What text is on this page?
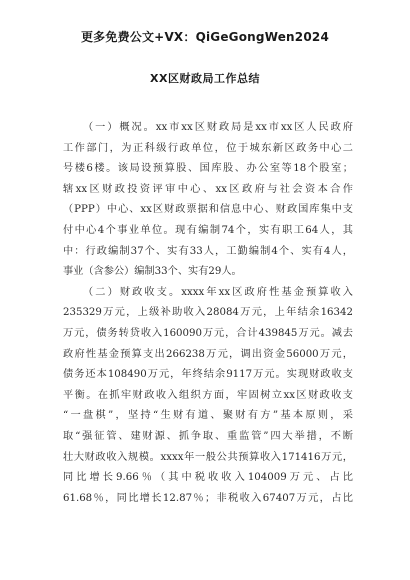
更多免费公文+VX：QiGeGongWen2024
XX区财政局工作总结
（一）概况。xx市xx区财政局是xx市xx区人民政府
工作部门，为正科级行政单位，位于城东新区政务中心二
号楼6楼。该局设预算股、国库股、办公室等18个股室；
辖xx区财政投资评审中心、xx区政府与社会资本合作
（PPP）中心、xx区财政票据和信息中心、财政国库集中支
付中心4个事业单位。现有编制74个，实有职工64人，其
中：行政编制37个、实有33人，工勤编制4个、实有4人，
事业（含参公）编制33个、实有29人。
（二）财政收支。xxxx年xx区政府性基金预算收入
235329万元，上级补助收入28084万元，上年结余16342
万元，债务转贷收入160090万元，合计439845万元。减去
政府性基金预算支出266238万元，调出资金56000万元，
债务还本108490万元，年终结余9117万元。实现财政收支
平衡。在抓牢财政收入组织方面，牢固树立xx区财政收支
“一盘棋”，坚持“生财有道、聚财有方”基本原则，采
取“强征管、建财源、抓争取、重监管”四大举措，不断
壮大财政收入规模。xxxx年一般公共预算收入171416万元，
同比增长9.66％（其中税收收入104009万元、占比
61.68％，同比增长12.87％；非税收入67407万元，占比
